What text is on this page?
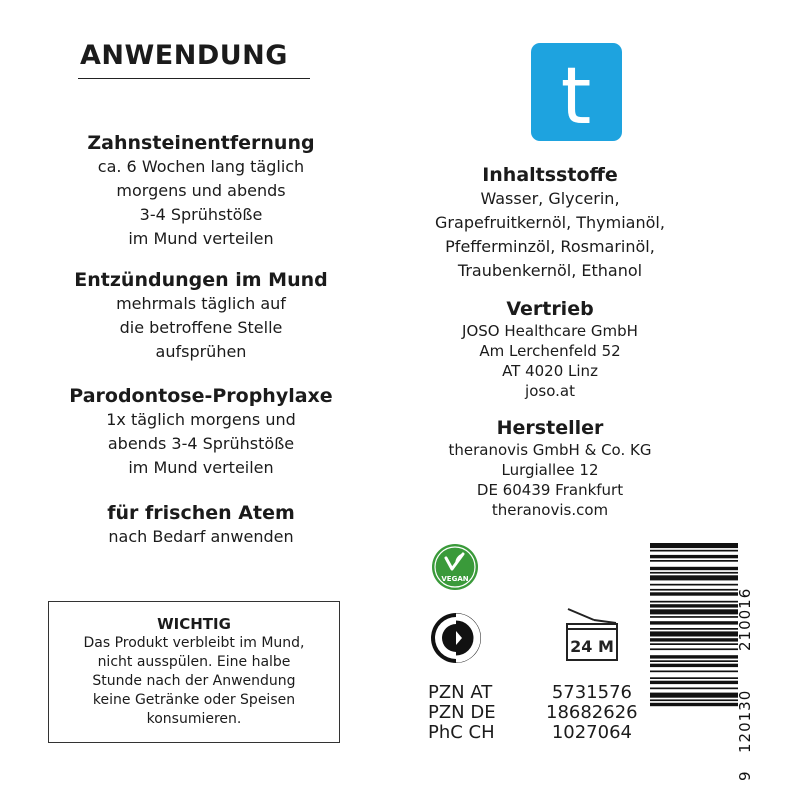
ANWENDUNG
Zahnsteinentfernung
ca. 6 Wochen lang täglich
morgens und abends
3-4 Sprühstöße
im Mund verteilen
Entzündungen im Mund
mehrmals täglich auf
die betroffene Stelle
aufsprühen
Parodontose-Prophylaxe
1x täglich morgens und
abends 3-4 Sprühstöße
im Mund verteilen
für frischen Atem
nach Bedarf anwenden
WICHTIG
Das Produkt verbleibt im Mund,
nicht ausspülen. Eine halbe
Stunde nach der Anwendung
keine Getränke oder Speisen
konsumieren.
t
Inhaltsstoffe
Wasser, Glycerin,
Grapefruitkernöl, Thymianöl,
Pfefferminzöl, Rosmarinöl,
Traubenkernöl, Ethanol
Vertrieb
JOSO Healthcare GmbH
Am Lerchenfeld 52
AT 4020 Linz
joso.at
Hersteller
theranovis GmbH & Co. KG
Lurgiallee 12
DE 60439 Frankfurt
theranovis.com
VEGAN
24 M
PZN AT	5731576
PZN DE	18682626
PhC CH	1027064
9
120130
210016
